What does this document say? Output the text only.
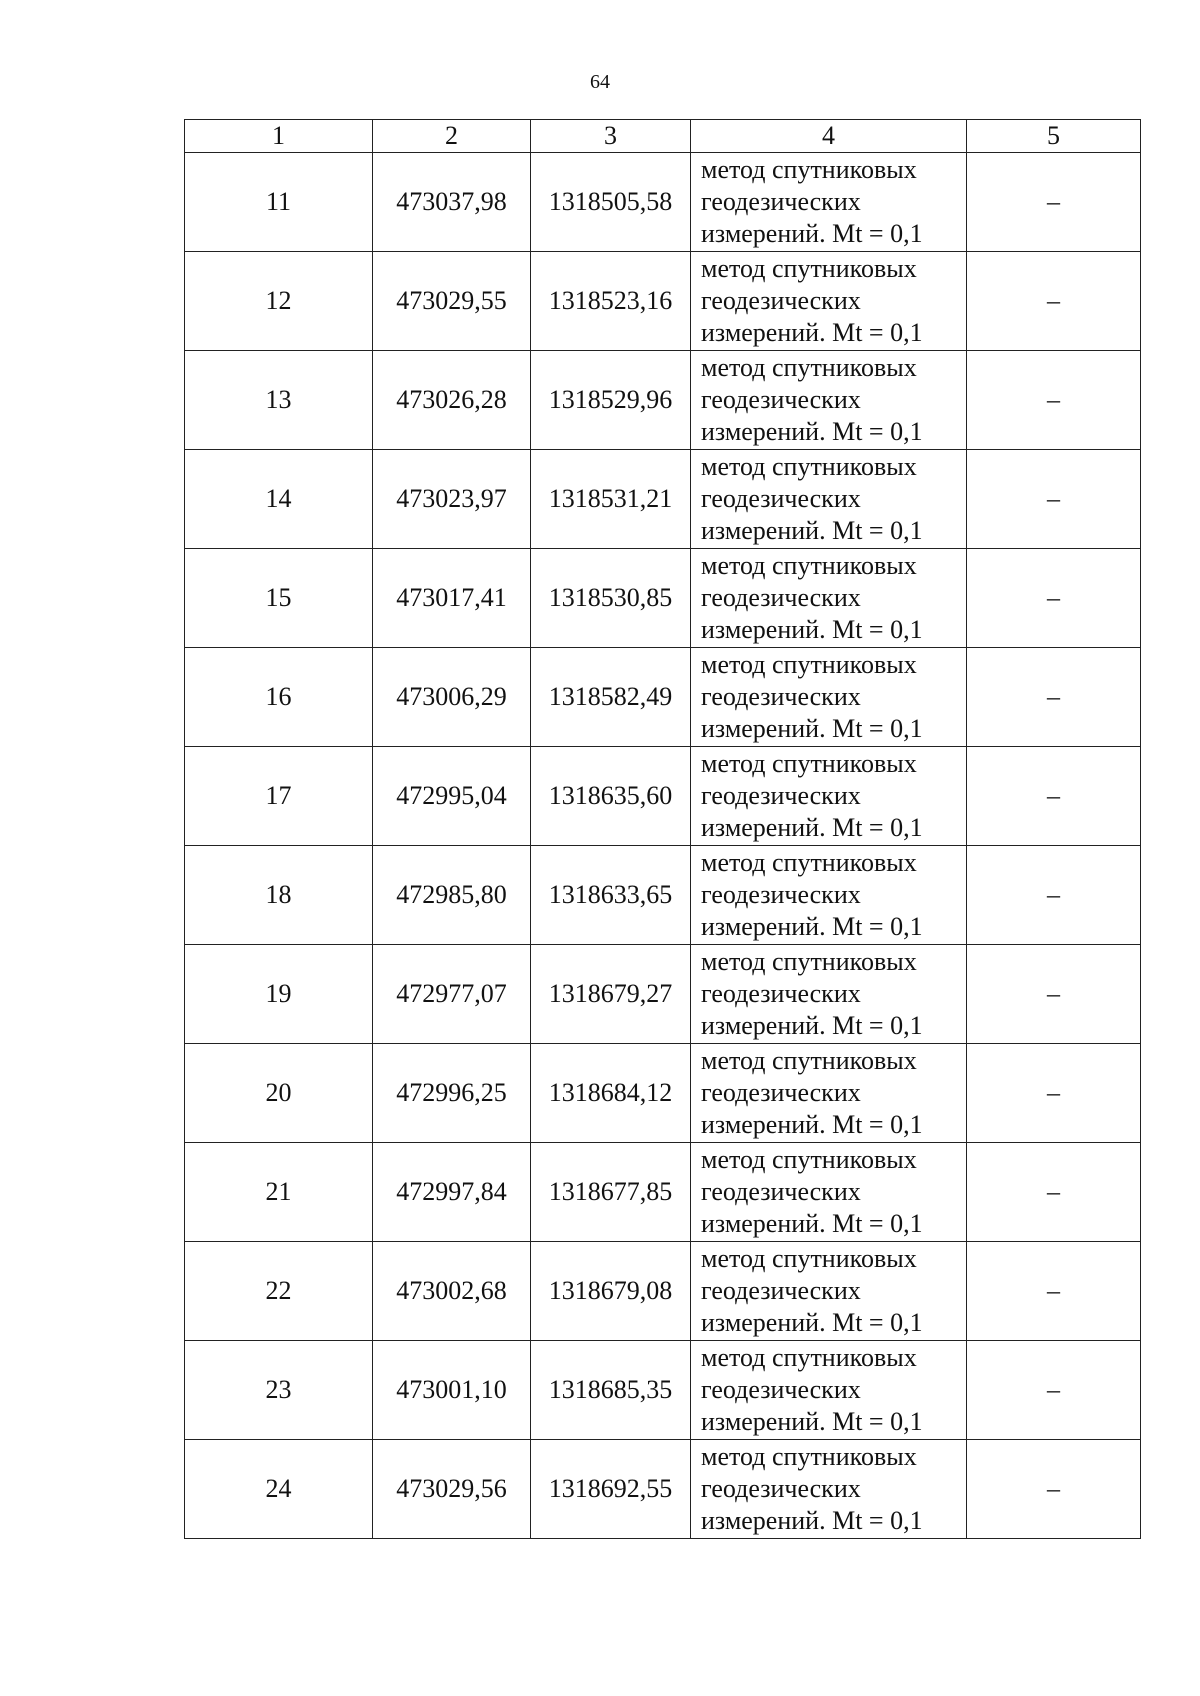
64
1	2	3	4	5
11	473037,98	1318505,58	метод спутниковых
геодезических
измерений. Mt = 0,1	–
12	473029,55	1318523,16	метод спутниковых
геодезических
измерений. Mt = 0,1	–
13	473026,28	1318529,96	метод спутниковых
геодезических
измерений. Mt = 0,1	–
14	473023,97	1318531,21	метод спутниковых
геодезических
измерений. Mt = 0,1	–
15	473017,41	1318530,85	метод спутниковых
геодезических
измерений. Mt = 0,1	–
16	473006,29	1318582,49	метод спутниковых
геодезических
измерений. Mt = 0,1	–
17	472995,04	1318635,60	метод спутниковых
геодезических
измерений. Mt = 0,1	–
18	472985,80	1318633,65	метод спутниковых
геодезических
измерений. Mt = 0,1	–
19	472977,07	1318679,27	метод спутниковых
геодезических
измерений. Mt = 0,1	–
20	472996,25	1318684,12	метод спутниковых
геодезических
измерений. Mt = 0,1	–
21	472997,84	1318677,85	метод спутниковых
геодезических
измерений. Mt = 0,1	–
22	473002,68	1318679,08	метод спутниковых
геодезических
измерений. Mt = 0,1	–
23	473001,10	1318685,35	метод спутниковых
геодезических
измерений. Mt = 0,1	–
24	473029,56	1318692,55	метод спутниковых
геодезических
измерений. Mt = 0,1	–
